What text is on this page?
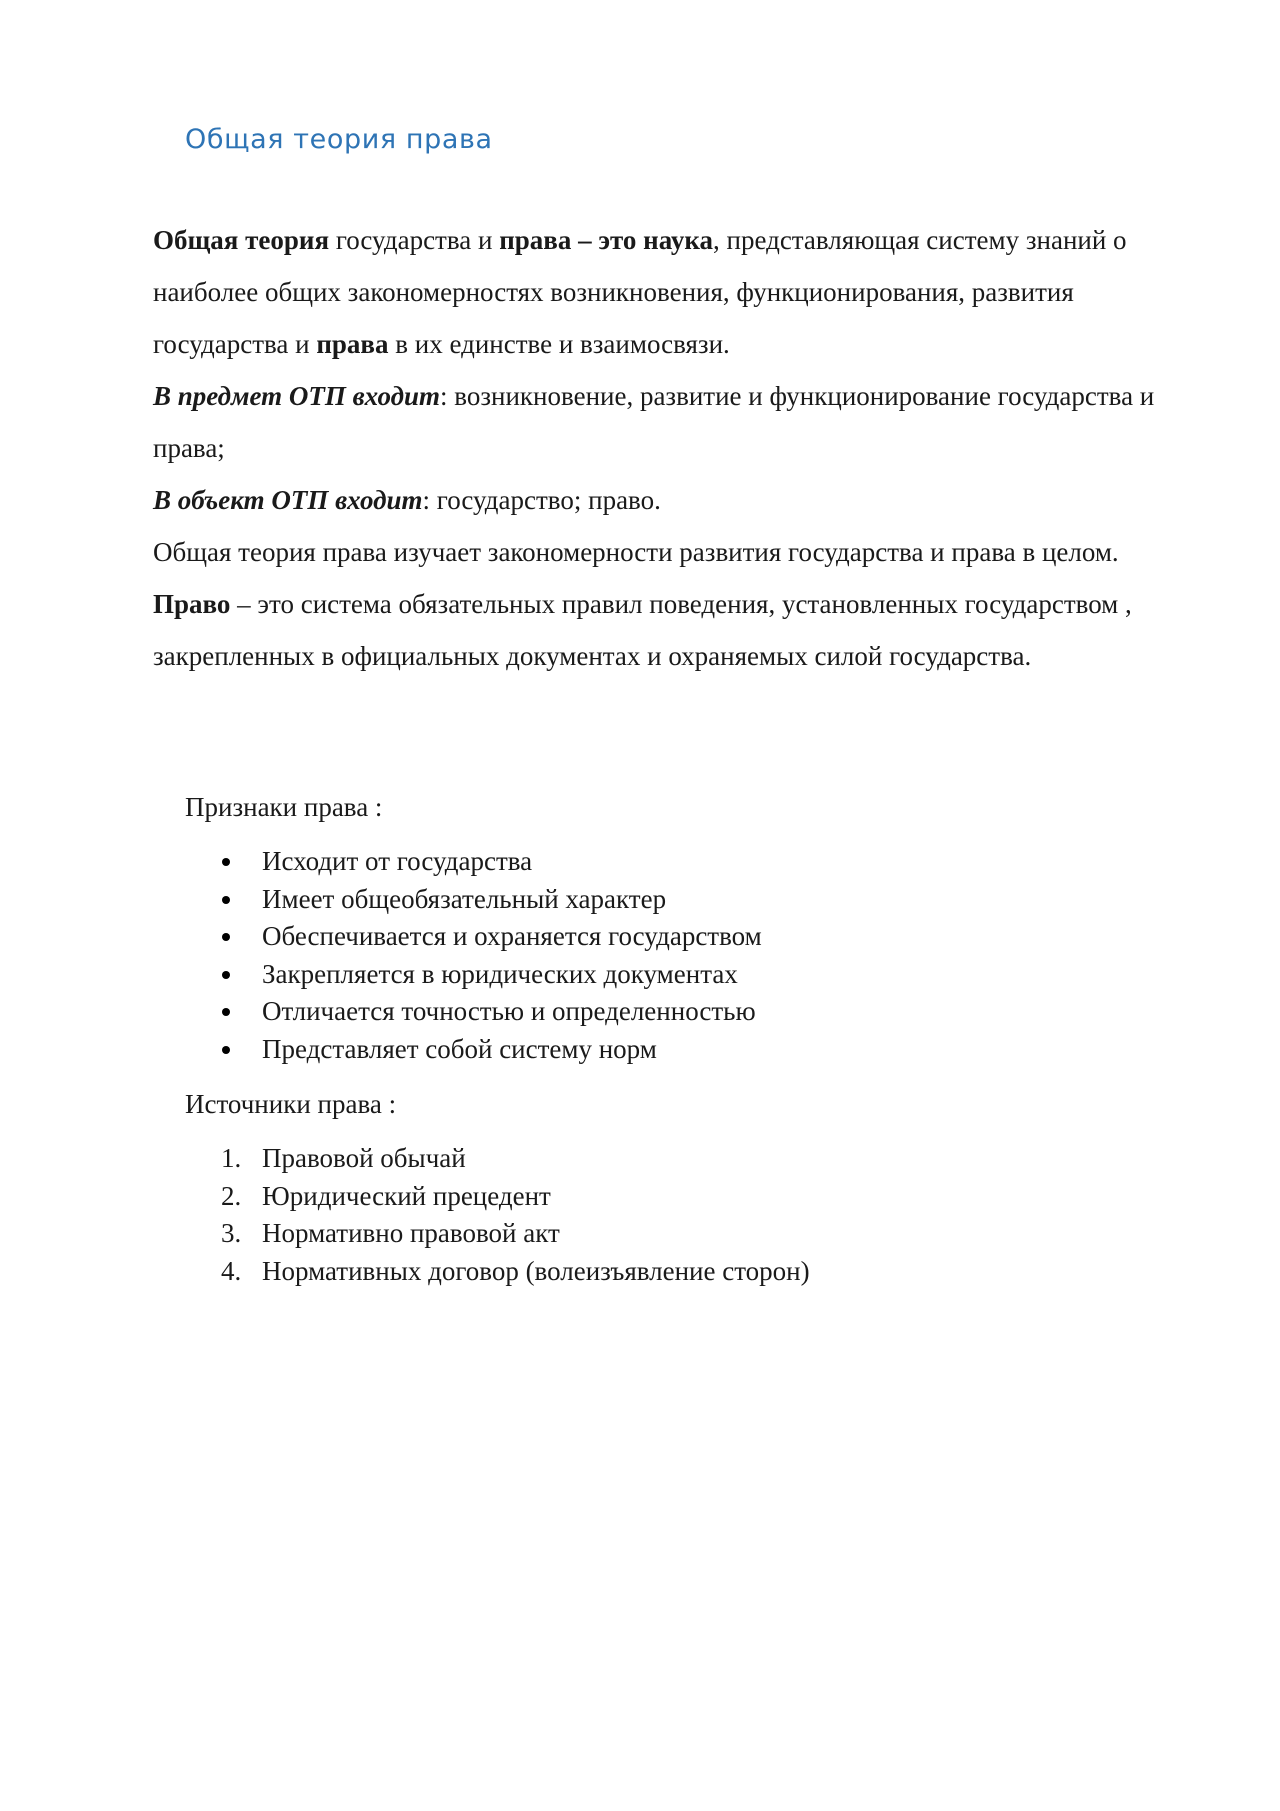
Общая теория права

Общая теория государства и права – это наука, представляющая систему знаний о наиболее общих закономерностях возникновения, функционирования, развития государства и права в их единстве и взаимосвязи.

В предмет ОТП входит: возникновение, развитие и функционирование государства и права;

В объект ОТП входит: государство; право.

Общая теория права изучает закономерности развития государства и права в целом.

Право – это система обязательных правил поведения, установленных государством , закрепленных в официальных документах и охраняемых силой государства.

Признаки права :
Исходит от государства
Имеет общеобязательный характер
Обеспечивается и охраняется государством
Закрепляется в юридических документах
Отличается точностью и определенностью
Представляет собой систему норм
Источники права :
1. Правовой обычай
2. Юридический прецедент
3. Нормативно правовой акт
4. Нормативных договор (волеизъявление сторон)
